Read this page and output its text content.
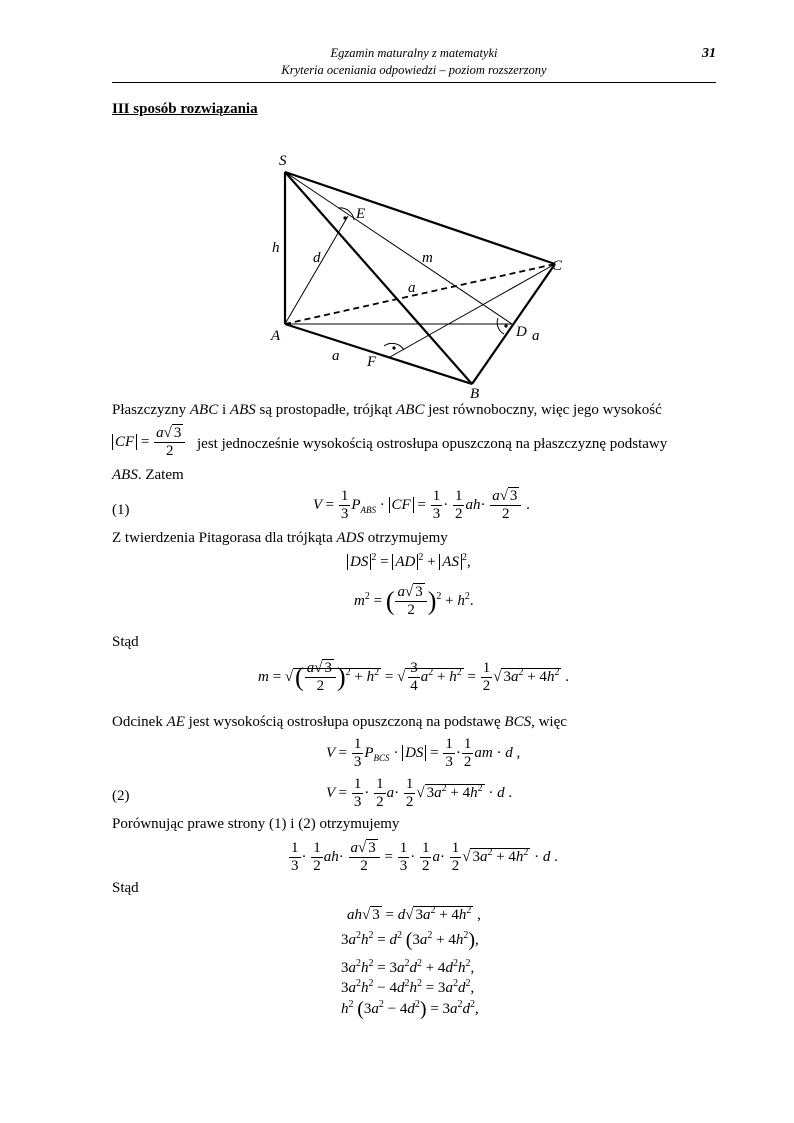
Egzamin maturalny z matematyki
Kryteria oceniania odpowiedzi – poziom rozszerzony
31
III sposób rozwiązania
S
E
h
d	m	C
a
A	D a
a F
B
Płaszczyzny ABC i ABS są prostopadłe, trójkąt ABC jest równoboczny, więc jego wysokość
CF = $\frac{a√ 3}{2}$ jest jednocześnie wysokością ostrosłupa opuszczoną na płaszczyznę podstawy
ABS. Zatem
(1)	$V = \frac{1}{3} P_{ABS}$ · CF = $\frac{1}{3} \cdot \frac{1}{2} ah\cdot \frac{a√ 3}{2}$ .
Z twierdzenia Pitagorasa dla trójkąta ADS otrzymujemy
DS $^2$ = AD $^2$ + AS $^2$,
$m^2$ = ( $\frac{a√ 3}{2} )^2 + h^2$.
Stąd
m = √( $\frac{a√ 3}{2} )^2 + h^2$ = √ $\frac{3}{4} a^2 + h^2 = \frac{1}{2}$ √ $3a^2 + 4h^2$ .
Odcinek AE jest wysokością ostrosłupa opuszczoną na podstawę BCS, więc
$V = \frac{1}{3} P_{BCS}$ · DS = $\frac{1}{3} \cdot \frac{1}{2}$ am · d ,
(2)	$V = \frac{1}{3} \cdot \frac{1}{2} a\cdot \frac{1}{2}$ √ $3a^2 + 4h^2 \cdot d$ .
Porównując prawe strony (1) i (2) otrzymujemy
$\frac{1}{3} \cdot \frac{1}{2} ah\cdot \frac{a√ 3}{2} = \frac{1}{3} \cdot \frac{1}{2} a\cdot \frac{1}{2}$ √ $3a^2 + 4h^2 \cdot d$ .
Stąd
ah√ 3 = d√ $3a^2 + 4h^2$ ,
$3a^2h^2 = d^2$ $(3a^2 + 4h^2)$,
$3a^2h^2 = 3a^2d^2 + 4d^2h^2$,
$3a^2h^2 - 4d^2h^2 = 3a^2d^2$,
$h^2$ $(3a^2 - 4d^2) = 3a^2d^2$,
